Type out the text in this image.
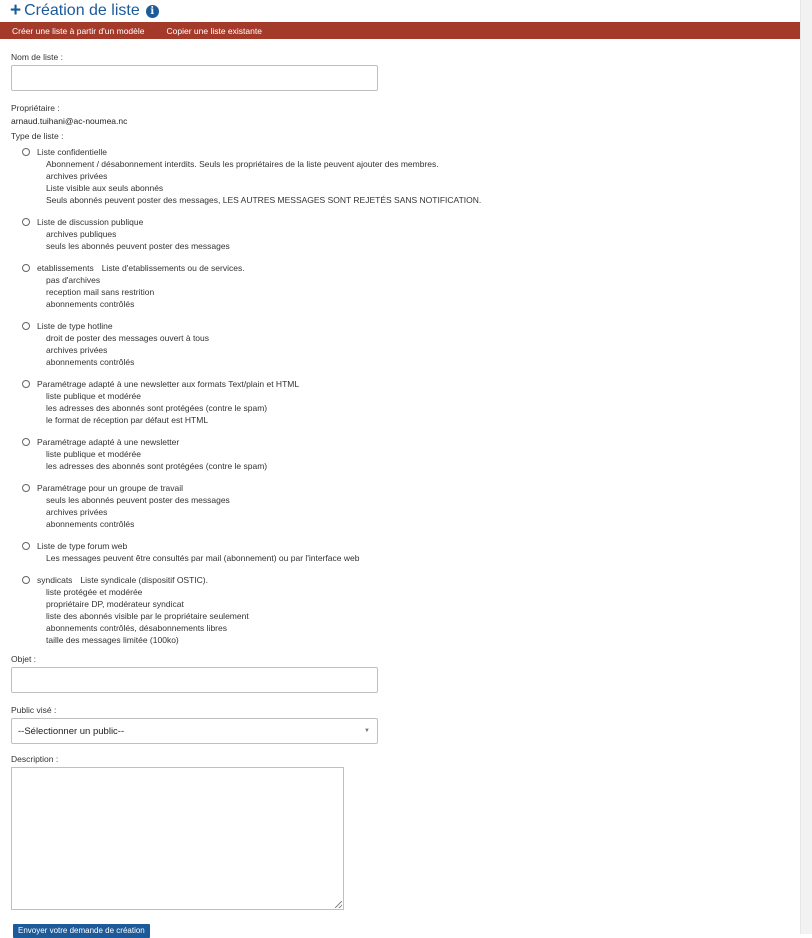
+ Création de liste	i
Créer une liste à partir d'un modèle	Copier une liste existante
Nom de liste :
Propriétaire :
arnaud.tuihani@ac-noumea.nc
Type de liste :
Liste confidentielle
Abonnement / désabonnement interdits. Seuls les propriétaires de la liste peuvent ajouter des membres.
archives privées
Liste visible aux seuls abonnés
Seuls abonnés peuvent poster des messages, LES AUTRES MESSAGES SONT REJETÉS SANS NOTIFICATION.
Liste de discussion publique
archives publiques
seuls les abonnés peuvent poster des messages
etablissements Liste d'etablissements ou de services.
pas d'archives
reception mail sans restrition
abonnements contrôlés
Liste de type hotline
droit de poster des messages ouvert à tous
archives privées
abonnements contrôlés
Paramétrage adapté à une newsletter aux formats Text/plain et HTML
liste publique et modérée
les adresses des abonnés sont protégées (contre le spam)
le format de réception par défaut est HTML
Paramétrage adapté à une newsletter
liste publique et modérée
les adresses des abonnés sont protégées (contre le spam)
Paramétrage pour un groupe de travail
seuls les abonnés peuvent poster des messages
archives privées
abonnements contrôlés
Liste de type forum web
Les messages peuvent être consultés par mail (abonnement) ou par l'interface web
syndicats Liste syndicale (dispositif OSTIC).
liste protégée et modérée
propriétaire DP, modérateur syndicat
liste des abonnés visible par le propriétaire seulement
abonnements contrôlés, désabonnements libres
taille des messages limitée (100ko)
Objet :
Public visé :
--Sélectionner un public--	▼
Description :
Envoyer votre demande de création
